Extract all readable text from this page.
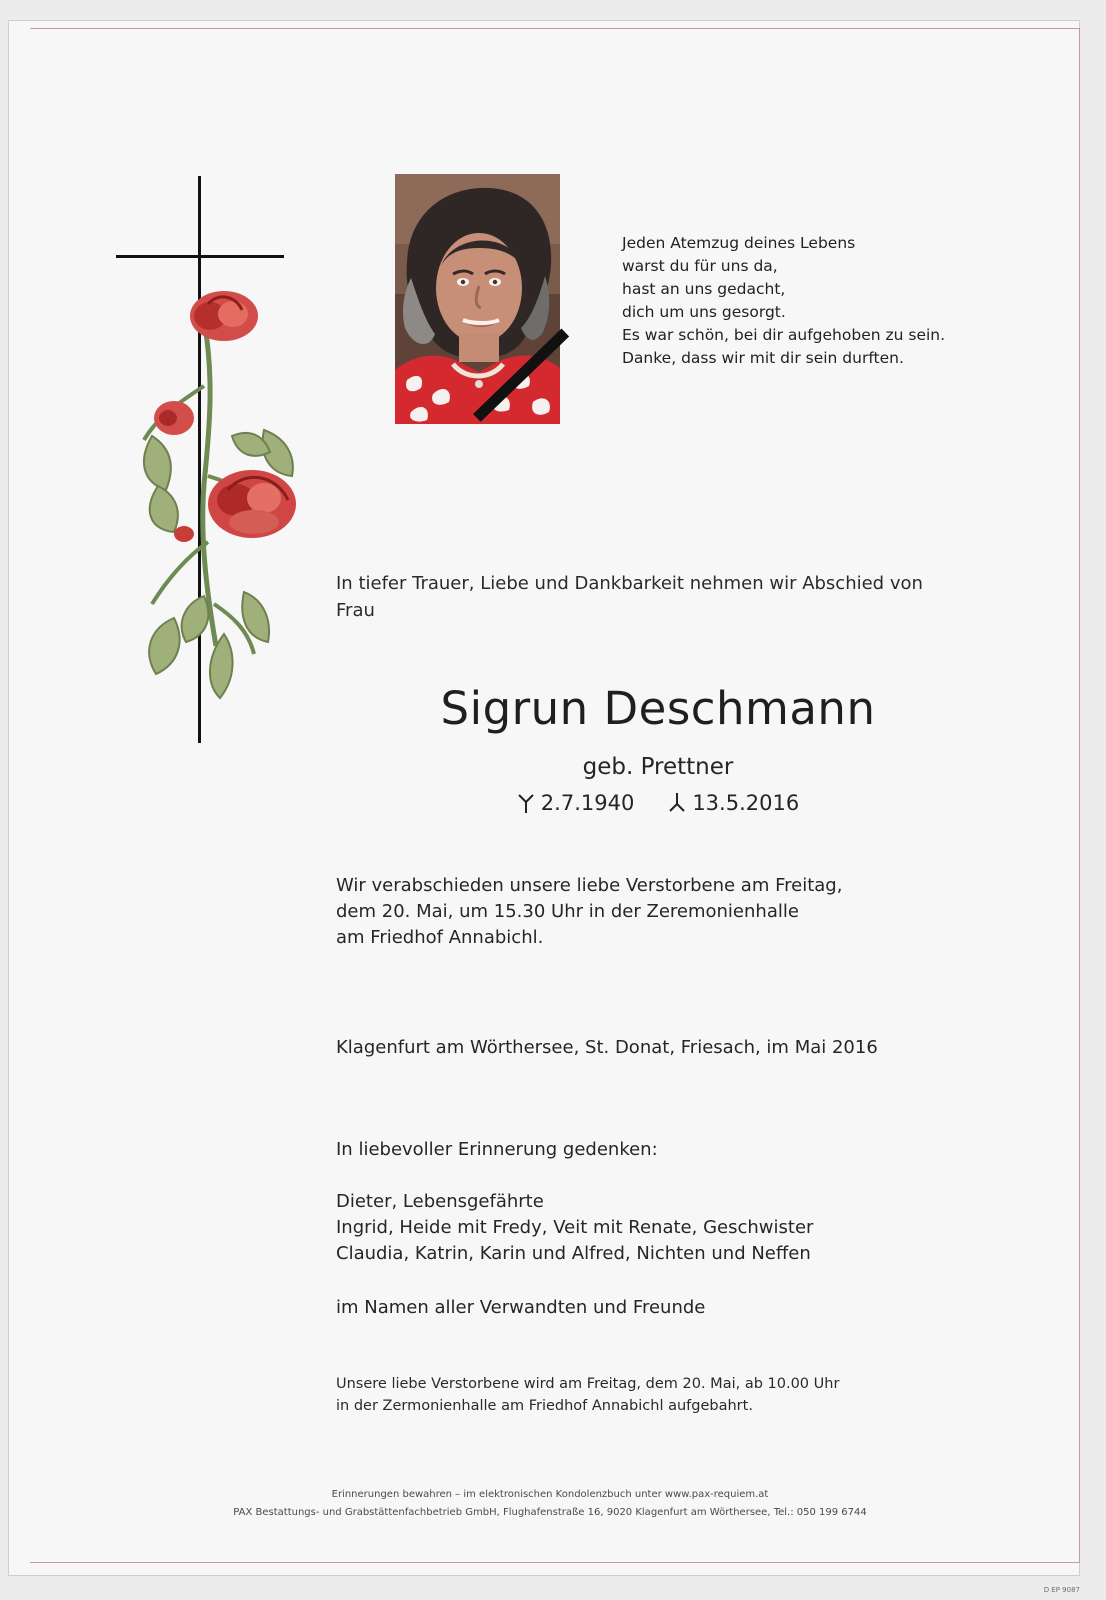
Jeden Atemzug deines Lebens
warst du für uns da,
hast an uns gedacht,
dich um uns gesorgt.
Es war schön, bei dir aufgehoben zu sein.
Danke, dass wir mit dir sein durften.
In tiefer Trauer, Liebe und Dankbarkeit nehmen wir Abschied von
Frau
Sigrun Deschmann
geb. Prettner
2.7.1940	13.5.2016
Wir verabschieden unsere liebe Verstorbene am Freitag,
dem 20. Mai, um 15.30 Uhr in der Zeremonienhalle
am Friedhof Annabichl.
Klagenfurt am Wörthersee, St. Donat, Friesach, im Mai 2016
In liebevoller Erinnerung gedenken:
Dieter, Lebensgefährte
Ingrid, Heide mit Fredy, Veit mit Renate, Geschwister
Claudia, Katrin, Karin und Alfred, Nichten und Neffen
im Namen aller Verwandten und Freunde
Unsere liebe Verstorbene wird am Freitag, dem 20. Mai, ab 10.00 Uhr
in der Zermonienhalle am Friedhof Annabichl aufgebahrt.
Erinnerungen bewahren – im elektronischen Kondolenzbuch unter www.pax-requiem.at
PAX Bestattungs- und Grabstättenfachbetrieb GmbH, Flughafenstraße 16, 9020 Klagenfurt am Wörthersee, Tel.: 050 199 6744
D EP 9087
